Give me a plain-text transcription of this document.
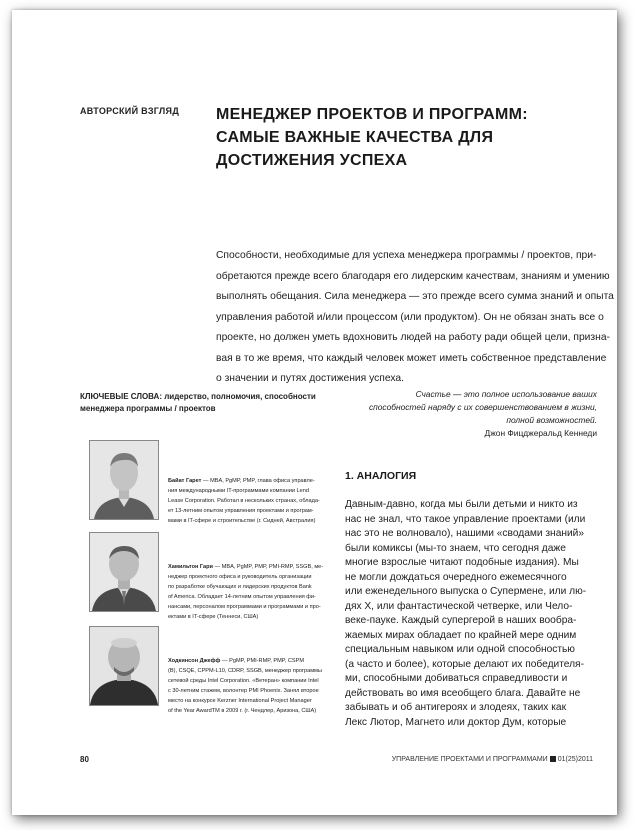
АВТОРСКИЙ ВЗГЛЯД МЕНЕДЖЕР ПРОЕКТОВ И ПРОГРАММ:
САМЫЕ ВАЖНЫЕ КАЧЕСТВА ДЛЯ
ДОСТИЖЕНИЯ УСПЕХА
Способности, необходимые для успеха менеджера программы / проектов, при-
обретаются прежде всего благодаря его лидерским качествам, знаниям и умению
выполнять обещания. Сила менеджера — это прежде всего сумма знаний и опыта
управления работой и/или процессом (или продуктом). Он не обязан знать все о
проекте, но должен уметь вдохновить людей на работу ради общей цели, призна-
вая в то же время, что каждый человек может иметь собственное представление
о значении и путях достижения успеха.
КЛЮЧЕВЫЕ СЛОВА: лидерство, полномочия, способности
менеджера программы / проектов
Счастье — это полное использование ваших
способностей наряду с их совершенствованием в жизни,
полной возможностей.
Джон Фицджеральд Кеннеди
Байат Гарет — MBA, PgMP, PMP, глава офиса управле-
ния международными IT-программами компании Lend
Lease Corporation. Работал в нескольких странах, облада-
ет 13-летним опытом управления проектами и програм-
мами в IT-сфере и строительстве (г. Сидней, Австралия)
Хамильтон Гари — MBA, PgMP, PMP, PMI-RMP, SSGB, ме-
неджер проектного офиса и руководитель организации
по разработке обучающих и лидерских продуктов Bank
of America. Обладает 14-летним опытом управления фи-
нансами, персоналом программами и программами и про-
ектами в IT-сфере (Теннеси, США)
Ходкинсон Джефф — PgMP, PMI-RMP, PMP, CSPM
(B), CSQE, CPPM-L10, CDRP, SSGB, менеджер программы
сетевой среды Intel Corporation. «Ветеран» компании Intel
с 30-летним стажем, волонтер PMI Phoenix. Занял второе
место на конкурсе Kerzner International Project Manager
of the Year AwardTM в 2009 г. (г. Чендлер, Аризона, США)
1. АНАЛОГИЯ
Давным-давно, когда мы были детьми и никто из
нас не знал, что такое управление проектами (или
нас это не волновало), нашими «сводами знаний»
были комиксы (мы-то знаем, что сегодня даже
многие взрослые читают подобные издания). Мы
не могли дождаться очередного ежемесячного
или еженедельного выпуска о Супермене, или лю-
дях Х, или фантастической четверке, или Чело-
веке-пауке. Каждый супергерой в наших вообра-
жаемых мирах обладает по крайней мере одним
специальным навыком или одной способностью
(а часто и более), которые делают их победителя-
ми, способными добиваться справедливости и
действовать во имя всеобщего блага. Давайте не
забывать и об антигероях и злодеях, таких как
Лекс Лютор, Магнето или доктор Дум, которые
80	УПРАВЛЕНИЕ ПРОЕКТАМИ И ПРОГРАММАМИ 01(25)2011
